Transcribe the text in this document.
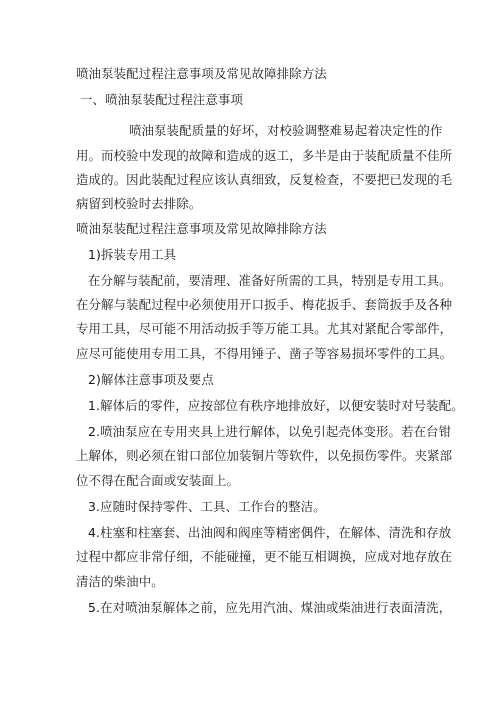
喷油泵装配过程注意事项及常见故障排除方法
一、喷油泵装配过程注意事项
喷油泵装配质量的好坏，对校验调整难易起着决定性的作
用。而校验中发现的故障和造成的返工，多半是由于装配质量不佳所
造成的。因此装配过程应该认真细致，反复检查，不要把已发现的毛
病留到校验时去排除。
喷油泵装配过程注意事项及常见故障排除方法
1)拆装专用工具
在分解与装配前，要清理、准备好所需的工具，特别是专用工具。
在分解与装配过程中必须使用开口扳手、梅花扳手、套筒扳手及各种
专用工具，尽可能不用活动扳手等万能工具。尤其对紧配合零部件，
应尽可能使用专用工具，不得用锤子、凿子等容易损坏零件的工具。
2)解体注意事项及要点
1.解体后的零件，应按部位有秩序地排放好，以便安装时对号装配。
2.喷油泵应在专用夹具上进行解体，以免引起壳体变形。若在台钳
上解体，则必须在钳口部位加装铜片等软件，以免损伤零件。夹紧部
位不得在配合面或安装面上。
3.应随时保持零件、工具、工作台的整洁。
4.柱塞和柱塞套、出油阀和阀座等精密偶件，在解体、清洗和存放
过程中都应非常仔细，不能碰撞，更不能互相调换，应成对地存放在
清洁的柴油中。
5.在对喷油泵解体之前，应先用汽油、煤油或柴油进行表面清洗，
